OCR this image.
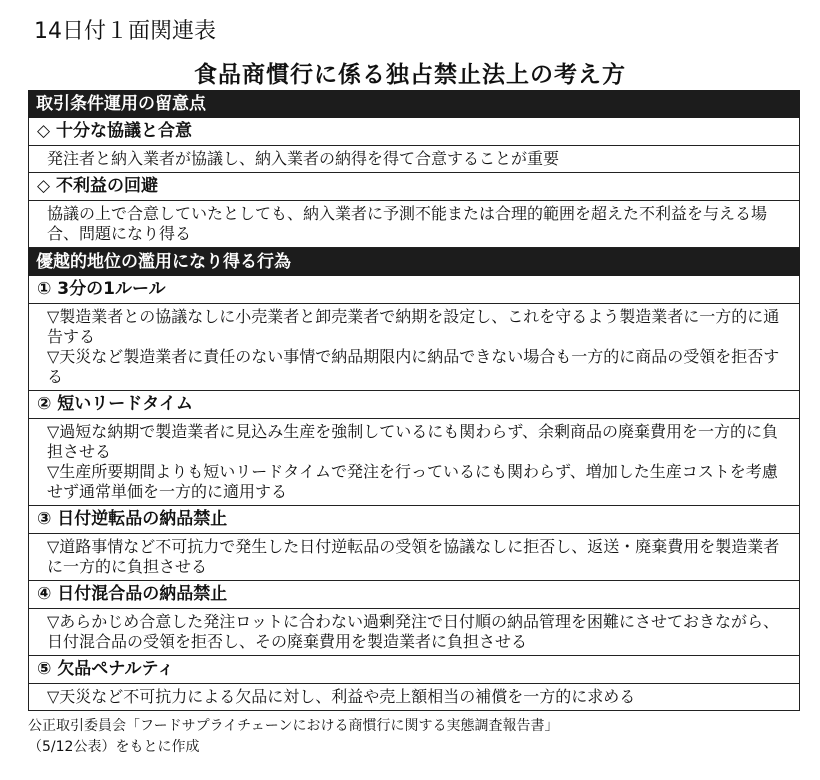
14日付１面関連表
食品商慣行に係る独占禁止法上の考え方
取引条件運用の留意点
◇ 十分な協議と合意

発注者と納入業者が協議し、納入業者の納得を得て合意することが重要

◇ 不利益の回避

協議の上で合意していたとしても、納入業者に予測不能または合理的範囲を超えた不利益を与える場合、問題になり得る

優越的地位の濫用になり得る行為
① 3分の1ルール

▽製造業者との協議なしに小売業者と卸売業者で納期を設定し、これを守るよう製造業者に一方的に通告する

▽天災など製造業者に責任のない事情で納品期限内に納品できない場合も一方的に商品の受領を拒否する

② 短いリードタイム

▽過短な納期で製造業者に見込み生産を強制しているにも関わらず、余剰商品の廃棄費用を一方的に負担させる

▽生産所要期間よりも短いリードタイムで発注を行っているにも関わらず、増加した生産コストを考慮せず通常単価を一方的に適用する

③ 日付逆転品の納品禁止

▽道路事情など不可抗力で発生した日付逆転品の受領を協議なしに拒否し、返送・廃棄費用を製造業者に一方的に負担させる

④ 日付混合品の納品禁止

▽あらかじめ合意した発注ロットに合わない過剰発注で日付順の納品管理を困難にさせておきながら、日付混合品の受領を拒否し、その廃棄費用を製造業者に負担させる

⑤ 欠品ペナルティ

▽天災など不可抗力による欠品に対し、利益や売上額相当の補償を一方的に求める

公正取引委員会「フードサプライチェーンにおける商慣行に関する実態調査報告書」
（5/12公表）をもとに作成
